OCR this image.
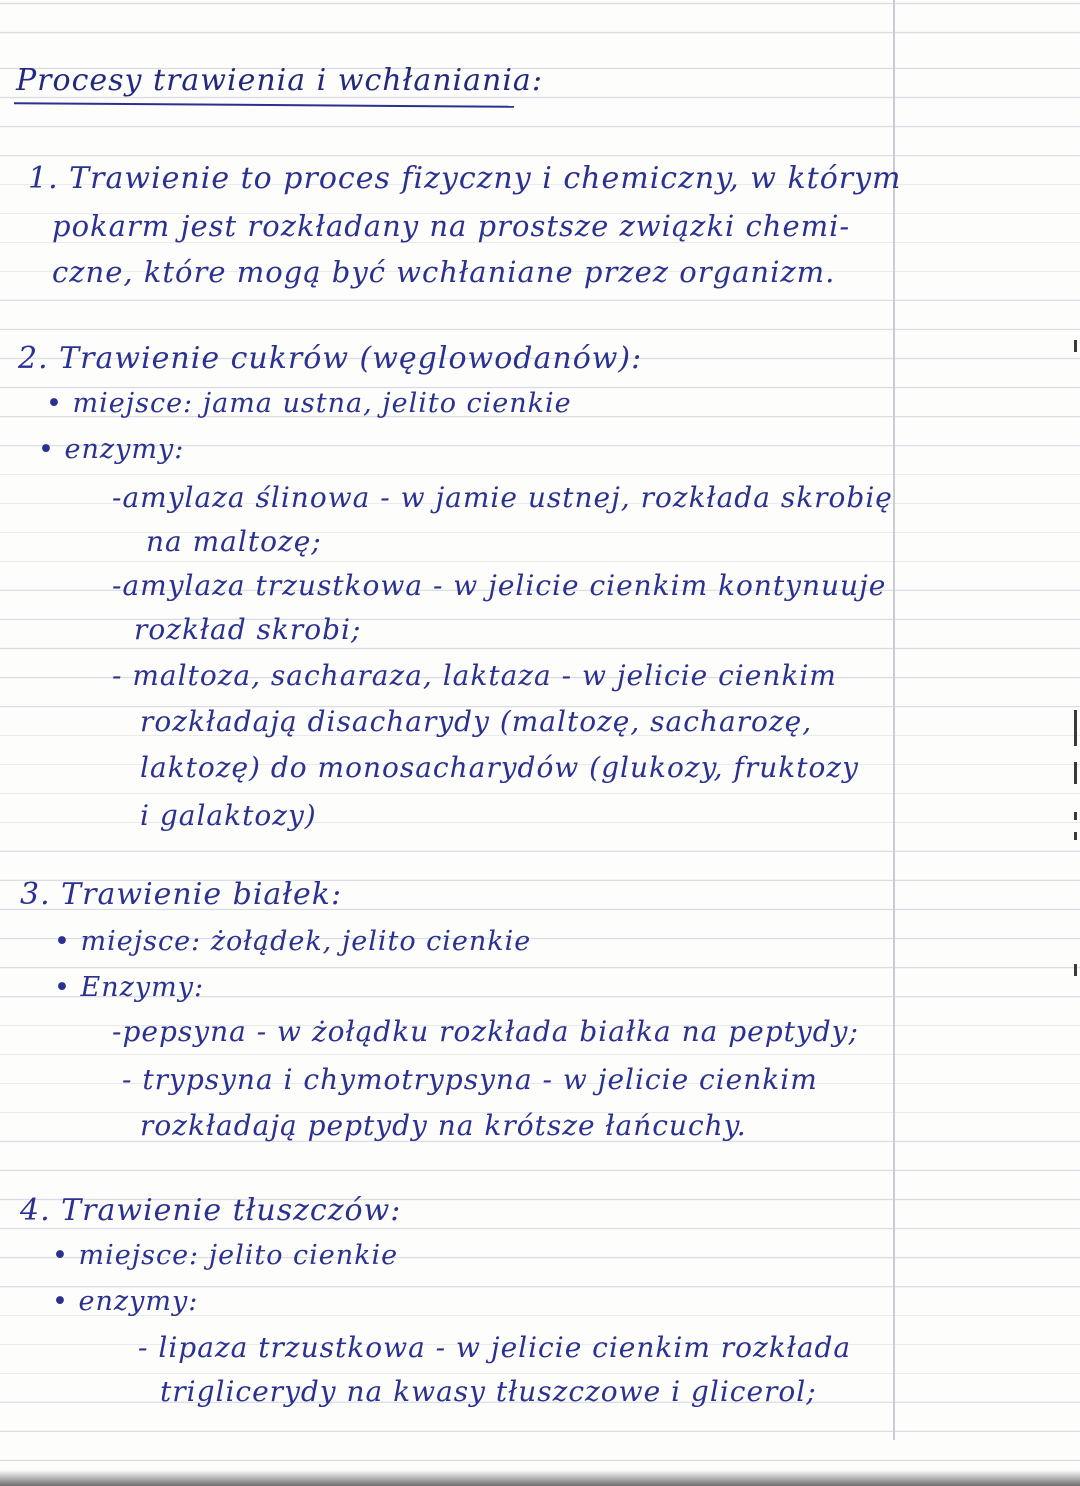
Procesy trawienia i wchłaniania:
1. Trawienie to proces fizyczny i chemiczny, w którym
pokarm jest rozkładany na prostsze związki chemi-
czne, które mogą być wchłaniane przez organizm.
2. Trawienie cukrów (węglowodanów):
• miejsce: jama ustna, jelito cienkie
• enzymy:
-amylaza ślinowa - w jamie ustnej, rozkłada skrobię
na maltozę;
-amylaza trzustkowa - w jelicie cienkim kontynuuje
rozkład skrobi;
- maltoza, sacharaza, laktaza - w jelicie cienkim
rozkładają disacharydy (maltozę, sacharozę,
laktozę) do monosacharydów (glukozy, fruktozy
i galaktozy)
3. Trawienie białek:
• miejsce: żołądek, jelito cienkie
• Enzymy:
-pepsyna - w żołądku rozkłada białka na peptydy;
- trypsyna i chymotrypsyna - w jelicie cienkim
rozkładają peptydy na krótsze łańcuchy.
4. Trawienie tłuszczów:
• miejsce: jelito cienkie
• enzymy:
- lipaza trzustkowa - w jelicie cienkim rozkłada
triglicerydy na kwasy tłuszczowe i glicerol;
